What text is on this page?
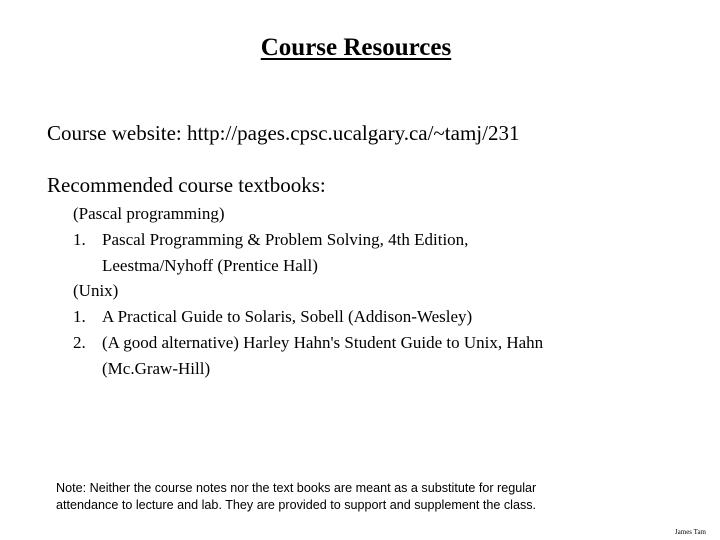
Course Resources

Course website: http://pages.cpsc.ucalgary.ca/~tamj/231

Recommended course textbooks:

(Pascal programming)
1. Pascal Programming & Problem Solving, 4th Edition,
Leestma/Nyhoff (Prentice Hall)
(Unix)
1. A Practical Guide to Solaris, Sobell (Addison-Wesley)
2. (A good alternative) Harley Hahn's Student Guide to Unix, Hahn
(Mc.Graw-Hill)
Note: Neither the course notes nor the text books are meant as a substitute for regular
attendance to lecture and lab. They are provided to support and supplement the class.

James Tam
